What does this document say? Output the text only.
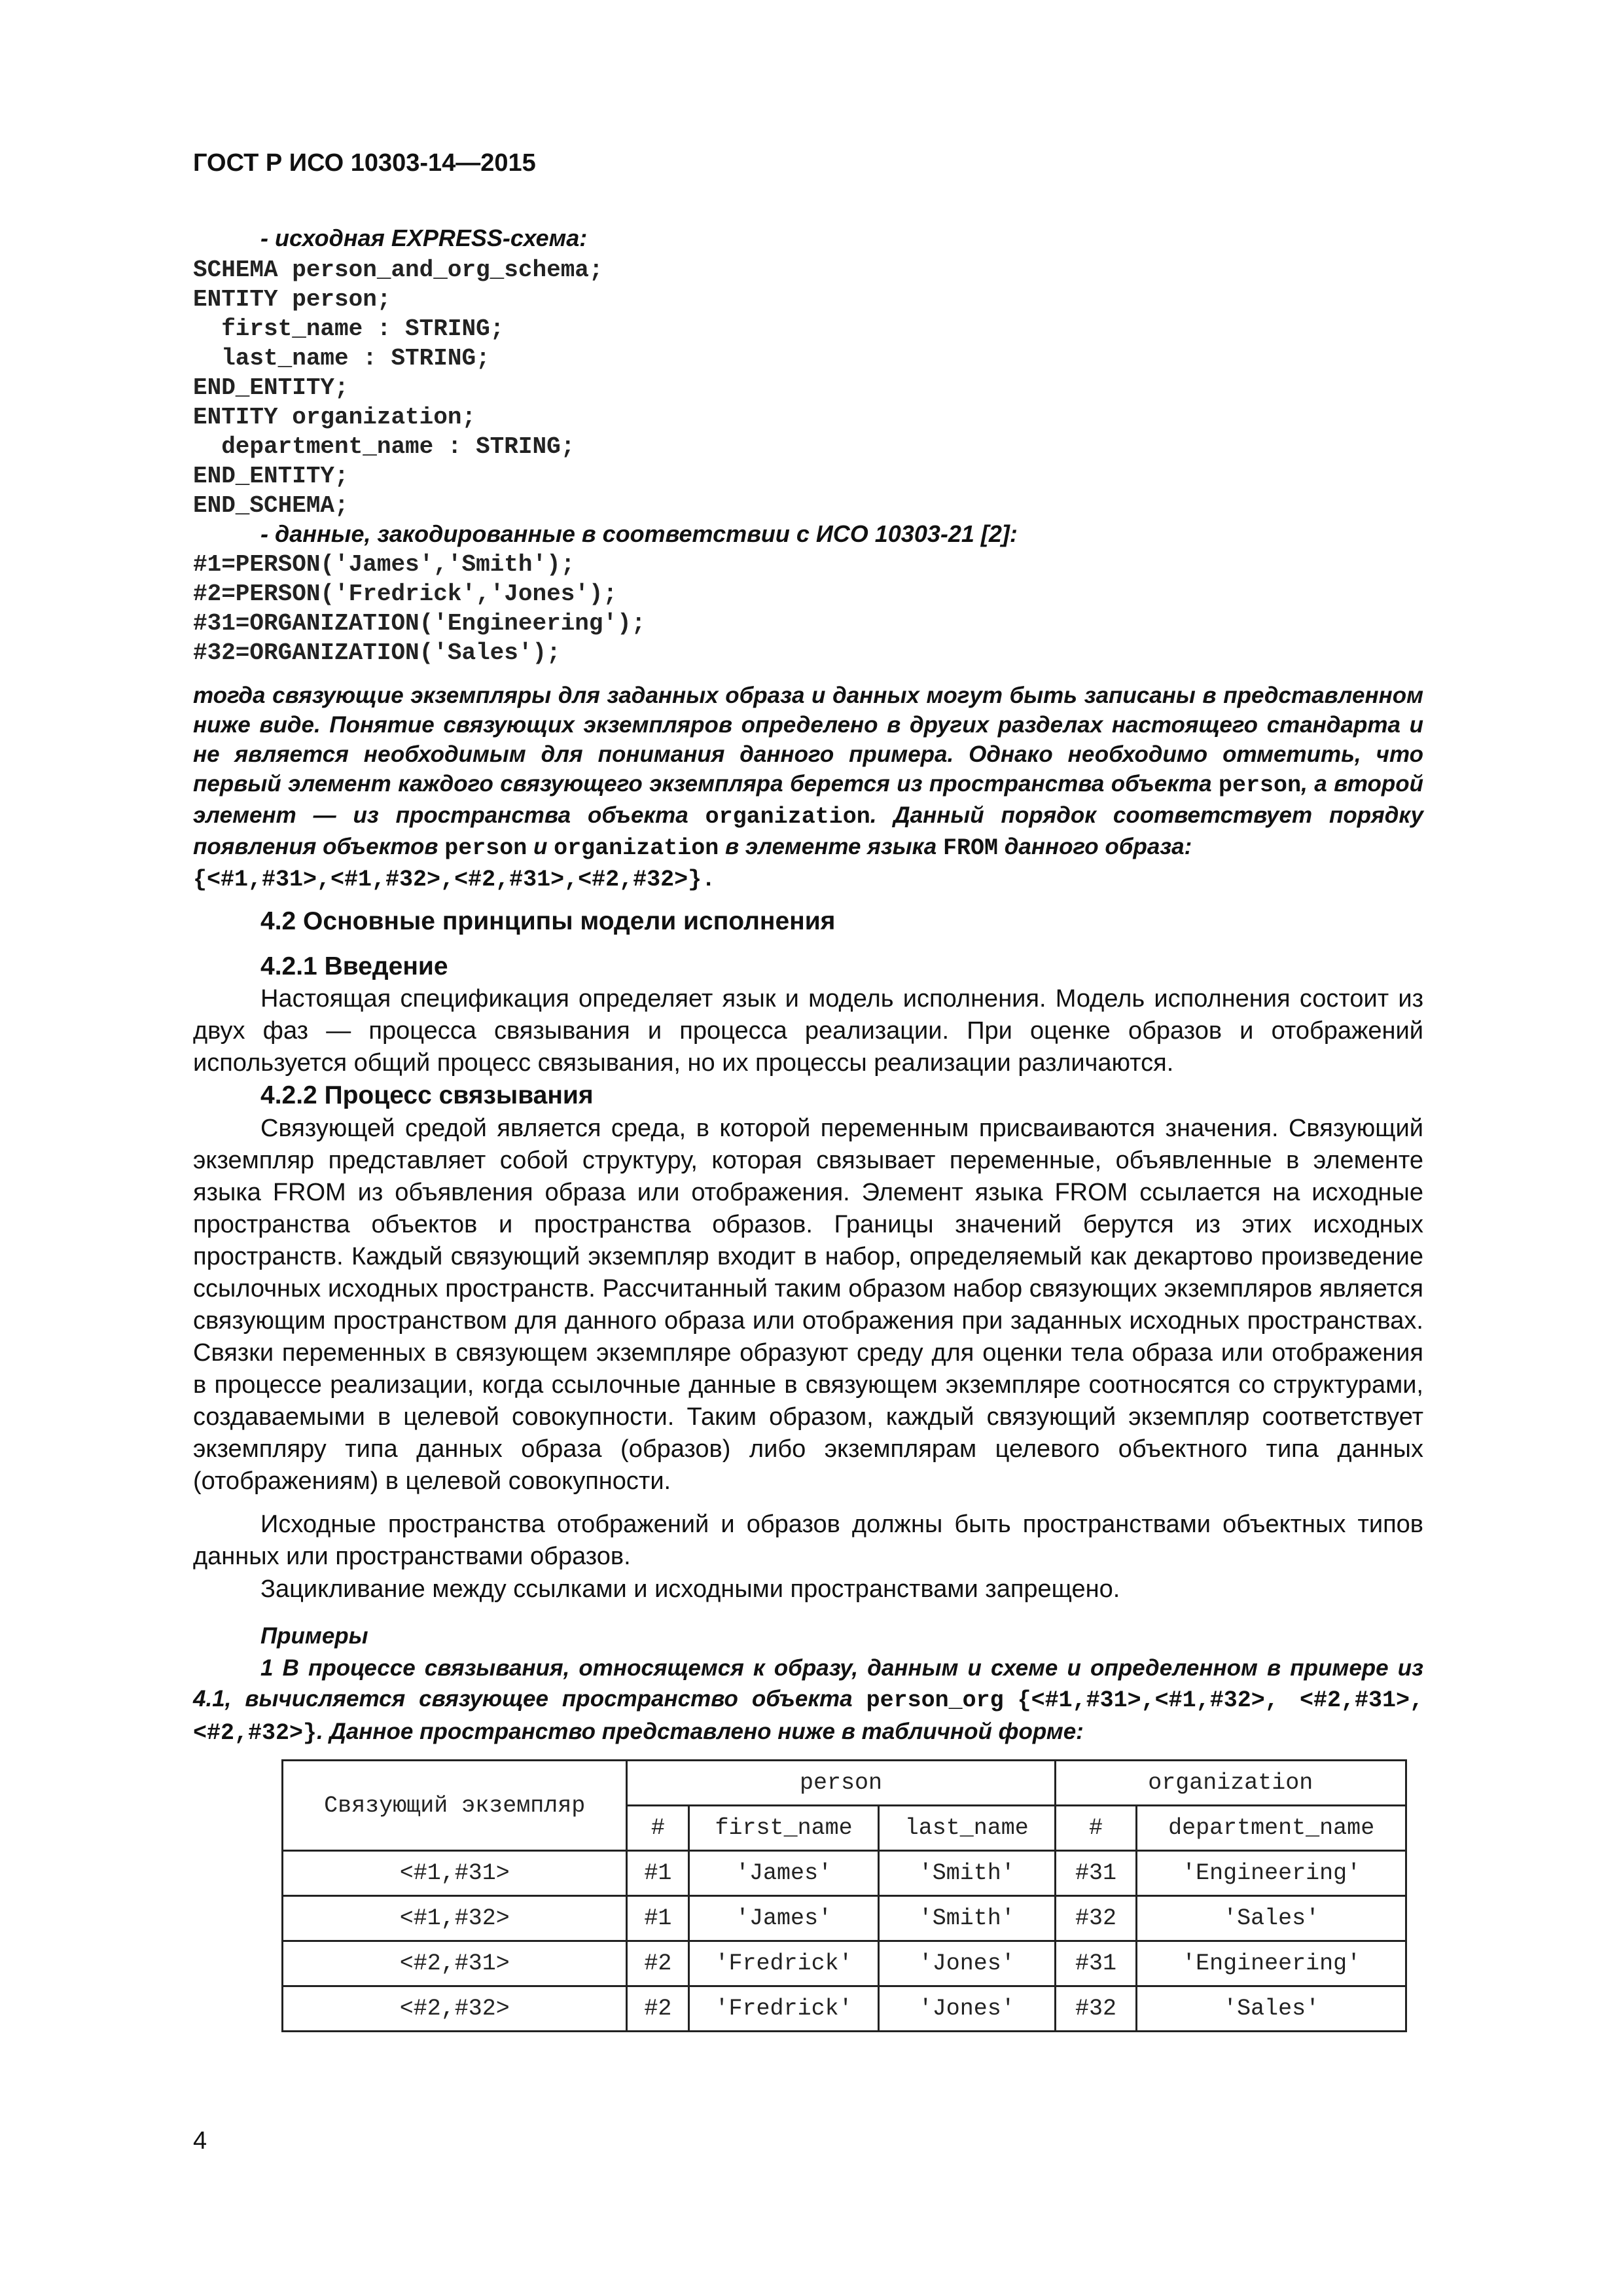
ГОСТ Р ИСО 10303-14—2015
- исходная EXPRESS-схема:
SCHEMA person_and_org_schema;
ENTITY person;
first_name : STRING;
last_name : STRING;
END_ENTITY;
ENTITY organization;
department_name : STRING;
END_ENTITY;
END_SCHEMA;
- данные, закодированные в соответствии с ИСО 10303-21 [2]:
#1=PERSON('James','Smith');
#2=PERSON('Fredrick','Jones');
#31=ORGANIZATION('Engineering');
#32=ORGANIZATION('Sales');
тогда связующие экземпляры для заданных образа и данных могут быть записаны в представленном ниже виде. Понятие связующих экземпляров определено в других разделах настоящего стандарта и не является необходимым для понимания данного примера. Однако необходимо отметить, что первый элемент каждого связующего экземпляра берется из пространства объекта person, а второй элемент — из пространства объекта organization. Данный порядок соответствует порядку появления объектов person и organization в элементе языка FROM данного образа:
{<#1,#31>,<#1,#32>,<#2,#31>,<#2,#32>}.
4.2 Основные принципы модели исполнения
4.2.1 Введение
Настоящая спецификация определяет язык и модель исполнения. Модель исполнения состоит из двух фаз — процесса связывания и процесса реализации. При оценке образов и отображений используется общий процесс связывания, но их процессы реализации различаются.
4.2.2 Процесс связывания
Связующей средой является среда, в которой переменным присваиваются значения. Связующий экземпляр представляет собой структуру, которая связывает переменные, объявленные в элементе языка FROM из объявления образа или отображения. Элемент языка FROM ссылается на исходные пространства объектов и пространства образов. Границы значений берутся из этих исходных пространств. Каждый связующий экземпляр входит в набор, определяемый как декартово произведение ссылочных исходных пространств. Рассчитанный таким образом набор связующих экземпляров является связующим пространством для данного образа или отображения при заданных исходных пространствах. Связки переменных в связующем экземпляре образуют среду для оценки тела образа или отображения в процессе реализации, когда ссылочные данные в связующем экземпляре соотносятся со структурами, создаваемыми в целевой совокупности. Таким образом, каждый связующий экземпляр соответствует экземпляру типа данных образа (образов) либо экземплярам целевого объектного типа данных (отображениям) в целевой совокупности.
Исходные пространства отображений и образов должны быть пространствами объектных типов данных или пространствами образов.
Зацикливание между ссылками и исходными пространствами запрещено.
Примеры
1 В процессе связывания, относящемся к образу, данным и схеме и определенном в примере из 4.1, вычисляется связующее пространство объекта person_org {<#1,#31>,<#1,#32>, <#2,#31>,<#2,#32>}. Данное пространство представлено ниже в табличной форме:
Связующий экземпляр	person			organization	
	#	first_name	last_name	#	department_name
<#1,#31>	#1	'James'	'Smith'	#31	'Engineering'
<#1,#32>	#1	'James'	'Smith'	#32	'Sales'
<#2,#31>	#2	'Fredrick'	'Jones'	#31	'Engineering'
<#2,#32>	#2	'Fredrick'	'Jones'	#32	'Sales'
4
